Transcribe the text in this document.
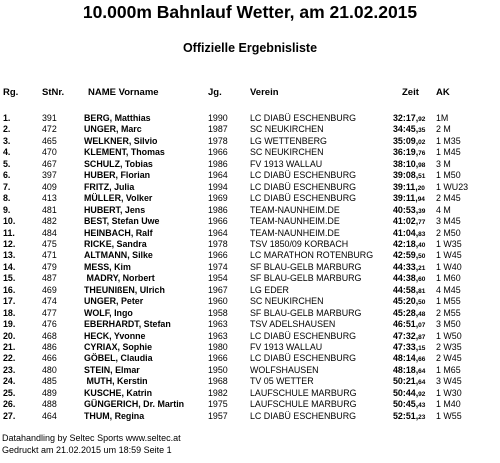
10.000m Bahnlauf Wetter, am 21.02.2015
Offizielle Ergebnisliste
Rg. StNr.	NAME Vorname	Jg.	Verein	Zeit AK
1.	391	BERG, Matthias	1990	LC DIABÜ ESCHENBURG	32:17,92 1M
2.	472	UNGER, Marc	1987	SC NEUKIRCHEN	34:45,35 2 M
3.	465	WELKNER, Silvio	1978	LG WETTENBERG	35:09,02 1 M35
4.	470	KLEMENT, Thomas	1966	SC NEUKIRCHEN	36:19,76 1 M45
5.	467	SCHULZ, Tobias	1986	FV 1913 WALLAU	38:10,98 3 M
6.	397	HUBER, Florian	1964	LC DIABÜ ESCHENBURG	39:08,51 1 M50
7.	409	FRITZ, Julia	1994	LC DIABÜ ESCHENBURG	39:11,20 1 WU23
8.	413	MÜLLER, Volker	1969	LC DIABÜ ESCHENBURG	39:11,94 2 M45
9.	481	HUBERT, Jens	1986	TEAM-NAUNHEIM.DE	40:53,39 4 M
10.	482	BEST, Stefan Uwe	1966	TEAM-NAUNHEIM.DE	41:02,77 3 M45
11.	484	HEINBACH, Ralf	1964	TEAM-NAUNHEIM.DE	41:04,83 2 M50
12.	475	RICKE, Sandra	1978	TSV 1850/09 KORBACH	42:18,40 1 W35
13.	471	ALTMANN, Silke	1966	LC MARATHON ROTENBURG 42:59,50 1 W45
14.	479	MESS, Kim	1974	SF BLAU-GELB MARBURG	44:33,21 1 W40
15.	487	MADRY, Norbert	1954	SF BLAU-GELB MARBURG	44:38,60 1 M60
16.	469	THEUNIßEN, Ulrich	1967	LG EDER	44:58,81 4 M45
17.	474	UNGER, Peter	1960	SC NEUKIRCHEN	45:20,50 1 M55
18.	477	WOLF, Ingo	1958	SF BLAU-GELB MARBURG	45:28,48 2 M55
19.	476	EBERHARDT, Stefan	1963	TSV ADELSHAUSEN	46:51,07 3 M50
20.	468	HECK, Yvonne	1963	LC DIABÜ ESCHENBURG	47:32,87 1 W50
21.	486	CYRIAX, Sophie	1980	FV 1913 WALLAU	47:33,15 2 W35
22.	466	GÖBEL, Claudia	1966	LC DIABÜ ESCHENBURG	48:14,66 2 W45
23.	480	STEIN, Elmar	1950	WOLFSHAUSEN	48:18,64 1 M65
24.	485	MUTH, Kerstin	1968	TV 05 WETTER	50:21,64 3 W45
25.	489	KUSCHE, Katrin	1982	LAUFSCHULE MARBURG	50:44,92 1 W30
26.	488	GÜNGERICH, Dr. Martin	1975	LAUFSCHULE MARBURG	50:45,43 1 M40
27.	464	THUM, Regina	1957	LC DIABÜ ESCHENBURG	52:51,23 1 W55
Datahandling by Seltec Sports www.seltec.at
Gedruckt am 21.02.2015 um 18:59 Seite 1
